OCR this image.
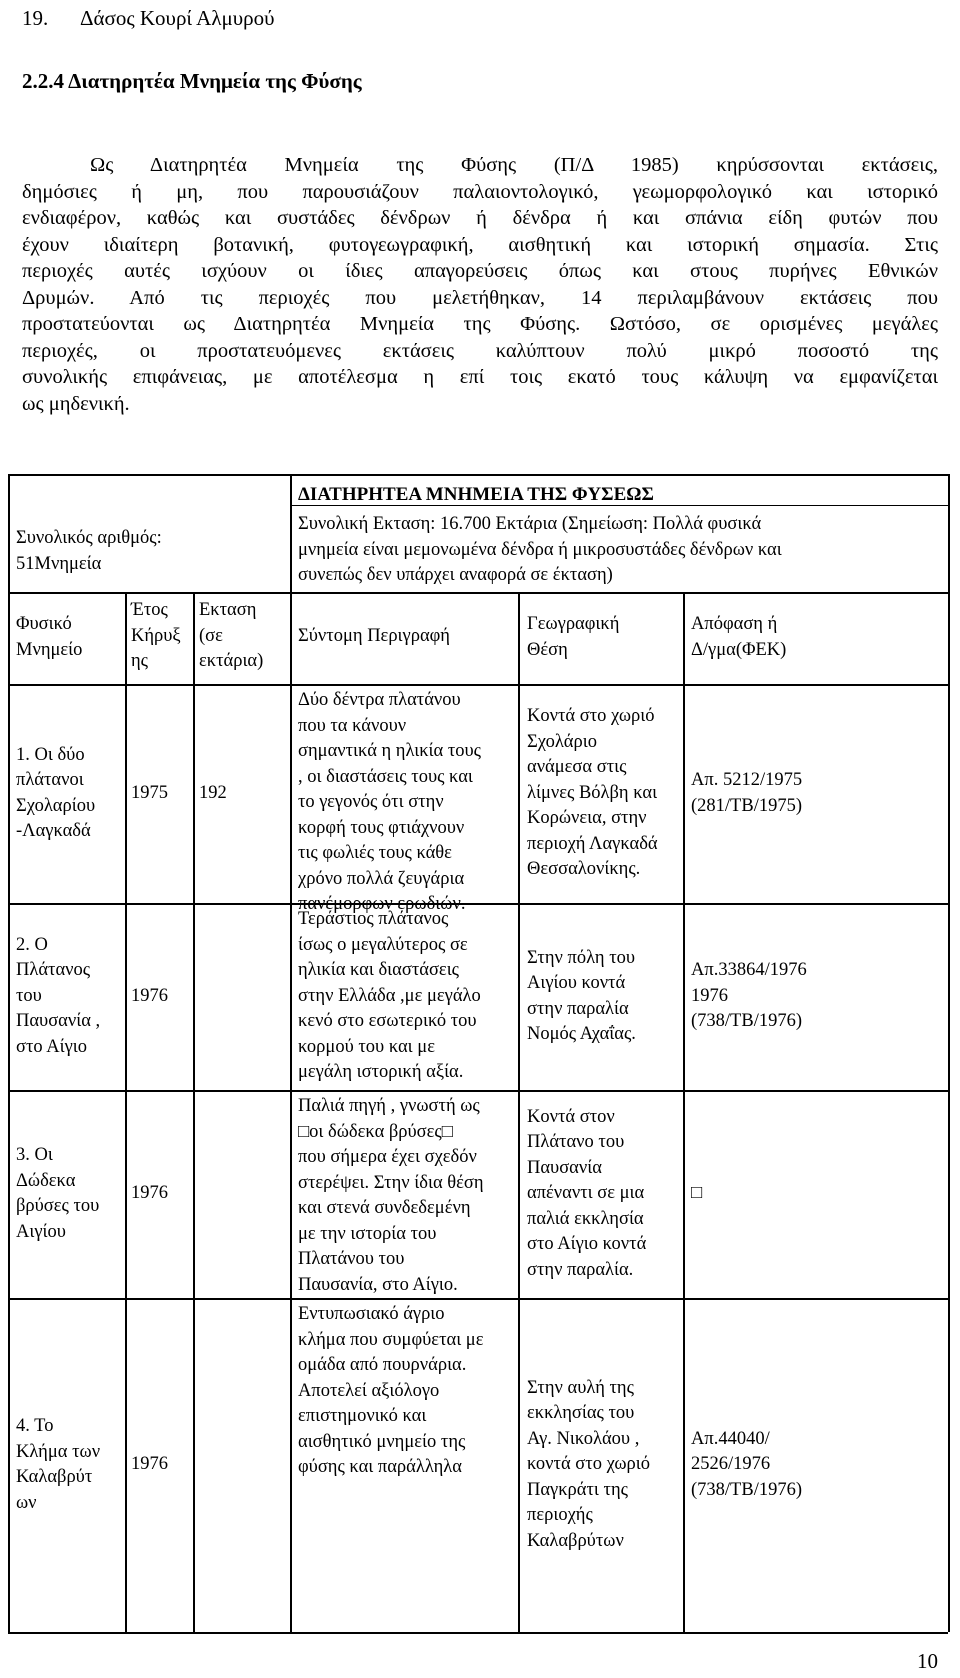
19. Δάσος Κουρί Αλμυρού
2.2.4 Διατηρητέα Μνημεία της Φύσης
Ως Διατηρητέα Μνημεία της Φύσης (Π/Δ 1985) κηρύσσονται εκτάσεις,
δημόσιες ή μη, που παρουσιάζουν παλαιοντολογικό, γεωμορφολογικό και ιστορικό
ενδιαφέρον, καθώς και συστάδες δένδρων ή δένδρα ή και σπάνια είδη φυτών που
έχουν ιδιαίτερη βοτανική, φυτογεωγραφική, αισθητική και ιστορική σημασία. Στις
περιοχές αυτές ισχύουν οι ίδιες απαγορεύσεις όπως και στους πυρήνες Εθνικών
Δρυμών. Από τις περιοχές που μελετήθηκαν, 14 περιλαμβάνουν εκτάσεις που
προστατεύονται ως Διατηρητέα Μνημεία της Φύσης. Ωστόσο, σε ορισμένες μεγάλες
περιοχές, οι προστατευόμενες εκτάσεις καλύπτουν πολύ μικρό ποσοστό της
συνολικής επιφάνειας, με αποτέλεσμα η επί τοις εκατό τους κάλυψη να εμφανίζεται
ως μηδενική.
ΔΙΑΤΗΡΗΤΕΑ ΜΝΗΜΕΙΑ ΤΗΣ ΦΥΣΕΩΣ
Συνολικός αριθμός:
51Μνημεία
Συνολική Εκταση: 16.700 Εκτάρια (Σημείωση: Πολλά φυσικά
μνημεία είναι μεμονωμένα δένδρα ή μικροσυστάδες δένδρων και
συνεπώς δεν υπάρχει αναφορά σε έκταση)
Φυσικό
Μνημείο
Έτος
Κήρυξ
ης
Εκταση
(σε
εκτάρια)
Σύντομη Περιγραφή
Γεωγραφική
Θέση
Απόφαση ή
Δ/γμα(ΦΕΚ)
1. Οι δύο
πλάτανοι
Σχολαρίου
-Λαγκαδά
1975 192
Δύο δέντρα πλατάνου
που τα κάνουν
σημαντικά η ηλικία τους
, οι διαστάσεις τους και
το γεγονός ότι στην
κορφή τους φτιάχνουν
τις φωλιές τους κάθε
χρόνο πολλά ζευγάρια
πανέμορφων ερωδιών.
Κοντά στο χωριό
Σχολάριο
ανάμεσα στις
λίμνες Βόλβη και
Κορώνεια, στην
περιοχή Λαγκαδά
Θεσσαλονίκης.
Απ. 5212/1975
(281/ΤΒ/1975)
2. Ο
Πλάτανος
του
Παυσανία ,
στο Αίγιο
1976
Τεράστιος πλάτανος
ίσως ο μεγαλύτερος σε
ηλικία και διαστάσεις
στην Ελλάδα ,με μεγάλο
κενό στο εσωτερικό του
κορμού του και με
μεγάλη ιστορική αξία.
Στην πόλη του
Αιγίου κοντά
στην παραλία
Νομός Αχαΐας.
Απ.33864/1976
1976
(738/ΤΒ/1976)
3. Οι
Δώδεκα
βρύσες του
Αιγίου
1976
Παλιά πηγή , γνωστή ως
□οι δώδεκα βρύσες□
που σήμερα έχει σχεδόν
στερέψει. Στην ίδια θέση
και στενά συνδεδεμένη
με την ιστορία του
Πλατάνου του
Παυσανία, στο Αίγιο.
Κοντά στον
Πλάτανο του
Παυσανία
απέναντι σε μια
παλιά εκκλησία
στο Αίγιο κοντά
στην παραλία.
□
4. Το
Κλήμα των
Καλαβρύτ
ων
1976
Εντυπωσιακό άγριο
κλήμα που συμφύεται με
ομάδα από πουρνάρια.
Αποτελεί αξιόλογο
επιστημονικό και
αισθητικό μνημείο της
φύσης και παράλληλα
Στην αυλή της
εκκλησίας του
Αγ. Νικολάου ,
κοντά στο χωριό
Παγκράτι της
περιοχής
Καλαβρύτων
Απ.44040/
2526/1976
(738/ΤΒ/1976)
10
